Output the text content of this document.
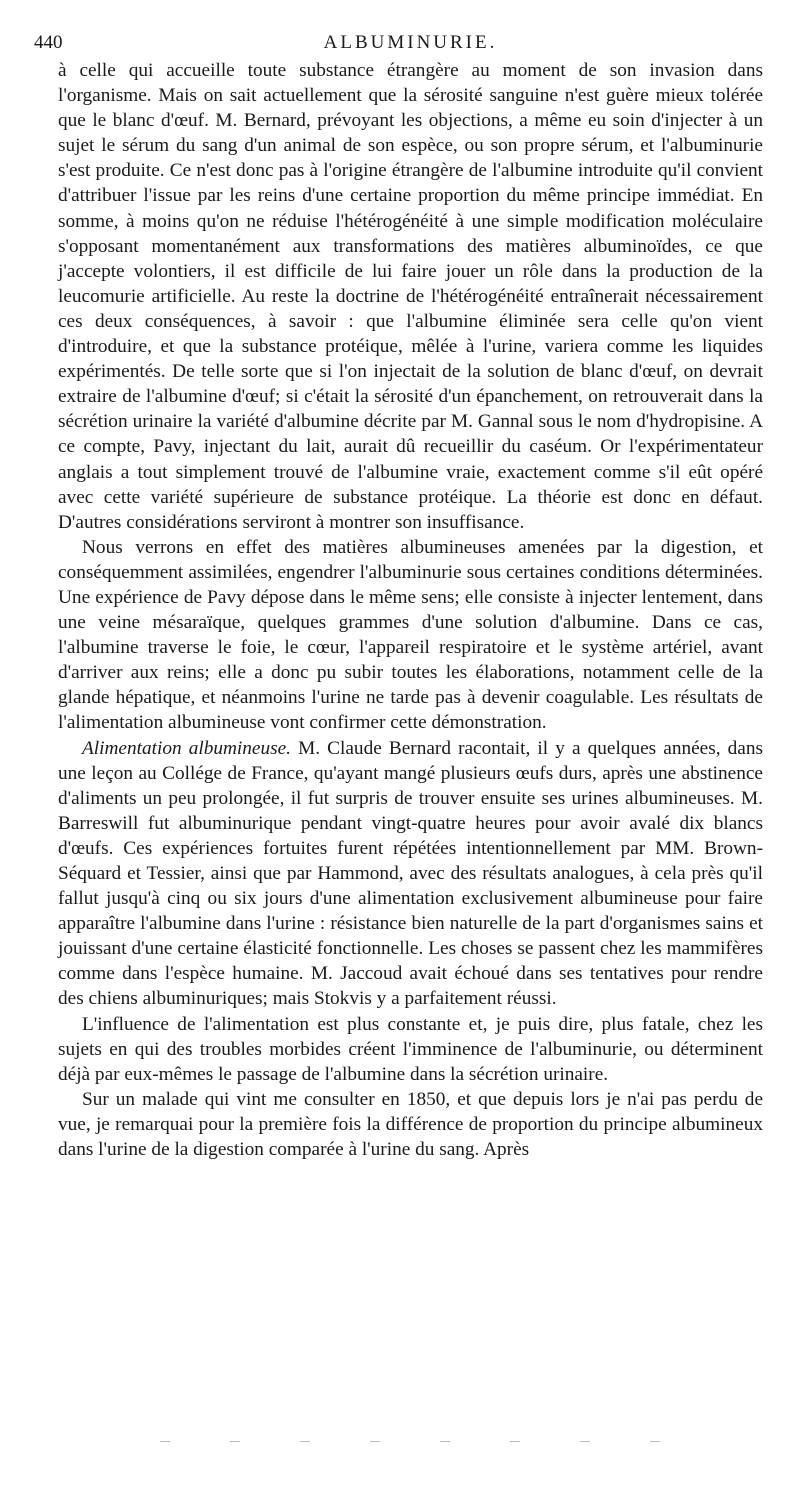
440	ALBUMINURIE.

à celle qui accueille toute substance étrangère au moment de son invasion dans l'organisme. Mais on sait actuellement que la sérosité sanguine n'est guère mieux tolérée que le blanc d'œuf. M. Bernard, prévoyant les objections, a même eu soin d'injecter à un sujet le sérum du sang d'un animal de son espèce, ou son propre sérum, et l'albuminurie s'est produite. Ce n'est donc pas à l'origine étrangère de l'albumine introduite qu'il convient d'attribuer l'issue par les reins d'une certaine proportion du même principe immédiat. En somme, à moins qu'on ne réduise l'hétérogénéité à une simple modification moléculaire s'opposant momentanément aux transformations des matières albuminoïdes, ce que j'accepte volontiers, il est difficile de lui faire jouer un rôle dans la production de la leucomurie artificielle. Au reste la doctrine de l'hétérogénéité entraînerait nécessairement ces deux conséquences, à savoir : que l'albumine éliminée sera celle qu'on vient d'introduire, et que la substance protéique, mêlée à l'urine, variera comme les liquides expérimentés. De telle sorte que si l'on injectait de la solution de blanc d'œuf, on devrait extraire de l'albumine d'œuf; si c'était la sérosité d'un épanchement, on retrouverait dans la sécrétion urinaire la variété d'albumine décrite par M. Gannal sous le nom d'hydropisine. A ce compte, Pavy, injectant du lait, aurait dû recueillir du caséum. Or l'expérimentateur anglais a tout simplement trouvé de l'albumine vraie, exactement comme s'il eût opéré avec cette variété supérieure de substance protéique. La théorie est donc en défaut. D'autres considérations serviront à montrer son insuffisance.

Nous verrons en effet des matières albumineuses amenées par la digestion, et conséquemment assimilées, engendrer l'albuminurie sous certaines conditions déterminées. Une expérience de Pavy dépose dans le même sens; elle consiste à injecter lentement, dans une veine mésaraïque, quelques grammes d'une solution d'albumine. Dans ce cas, l'albumine traverse le foie, le cœur, l'appareil respiratoire et le système artériel, avant d'arriver aux reins; elle a donc pu subir toutes les élaborations, notamment celle de la glande hépatique, et néanmoins l'urine ne tarde pas à devenir coagulable. Les résultats de l'alimentation albumineuse vont confirmer cette démonstration.

Alimentation albumineuse. M. Claude Bernard racontait, il y a quelques années, dans une leçon au Collége de France, qu'ayant mangé plusieurs œufs durs, après une abstinence d'aliments un peu prolongée, il fut surpris de trouver ensuite ses urines albumineuses. M. Barreswill fut albuminurique pendant vingt-quatre heures pour avoir avalé dix blancs d'œufs. Ces expériences fortuites furent répétées intentionnellement par MM. Brown-Séquard et Tessier, ainsi que par Hammond, avec des résultats analogues, à cela près qu'il fallut jusqu'à cinq ou six jours d'une alimentation exclusivement albumineuse pour faire apparaître l'albumine dans l'urine : résistance bien naturelle de la part d'organismes sains et jouissant d'une certaine élasticité fonctionnelle. Les choses se passent chez les mammifères comme dans l'espèce humaine. M. Jaccoud avait échoué dans ses tentatives pour rendre des chiens albuminuriques; mais Stokvis y a parfaitement réussi.

L'influence de l'alimentation est plus constante et, je puis dire, plus fatale, chez les sujets en qui des troubles morbides créent l'imminence de l'albuminurie, ou déterminent déjà par eux-mêmes le passage de l'albumine dans la sécrétion urinaire.

Sur un malade qui vint me consulter en 1850, et que depuis lors je n'ai pas perdu de vue, je remarquai pour la première fois la différence de proportion du principe albumineux dans l'urine de la digestion comparée à l'urine du sang. Après
